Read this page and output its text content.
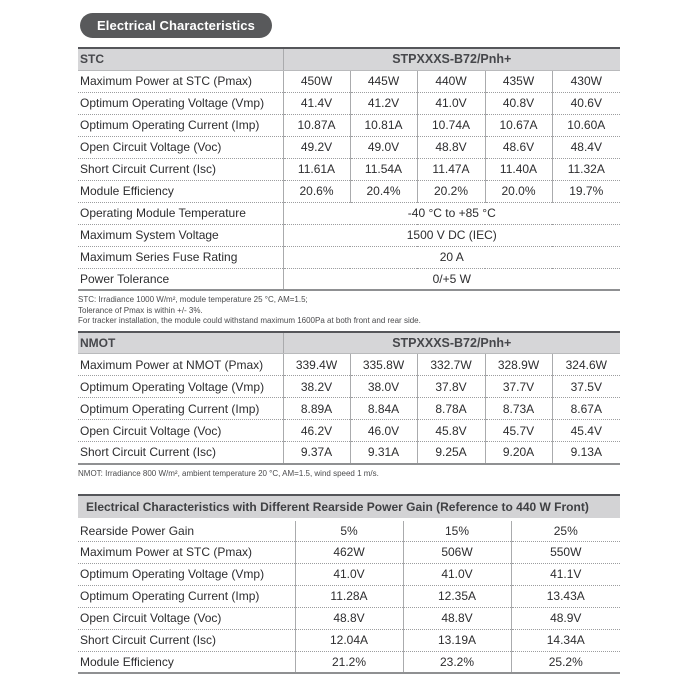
Electrical Characteristics
STC	STPXXXS-B72/Pnh+				
Maximum Power at STC (Pmax)	450W	445W	440W	435W	430W
Optimum Operating Voltage (Vmp)	41.4V	41.2V	41.0V	40.8V	40.6V
Optimum Operating Current (Imp)	10.87A	10.81A	10.74A	10.67A	10.60A
Open Circuit Voltage (Voc)	49.2V	49.0V	48.8V	48.6V	48.4V
Short Circuit Current (Isc)	11.61A	11.54A	11.47A	11.40A	11.32A
Module Efficiency	20.6%	20.4%	20.2%	20.0%	19.7%
Operating Module Temperature	-40 °C to +85 °C				
Maximum System Voltage	1500 V DC (IEC)				
Maximum Series Fuse Rating	20 A				
Power Tolerance	0/+5 W				
STC: Irradiance 1000 W/m², module temperature 25 °C, AM=1.5;
Tolerance of Pmax is within +/- 3%.
For tracker installation, the module could withstand maximum 1600Pa at both front and rear side.
NMOT	STPXXXS-B72/Pnh+				
Maximum Power at NMOT (Pmax)	339.4W	335.8W	332.7W	328.9W	324.6W
Optimum Operating Voltage (Vmp)	38.2V	38.0V	37.8V	37.7V	37.5V
Optimum Operating Current (Imp)	8.89A	8.84A	8.78A	8.73A	8.67A
Open Circuit Voltage (Voc)	46.2V	46.0V	45.8V	45.7V	45.4V
Short Circuit Current (Isc)	9.37A	9.31A	9.25A	9.20A	9.13A
NMOT: Irradiance 800 W/m², ambient temperature 20 °C, AM=1.5, wind speed 1 m/s.
Electrical Characteristics with Different Rearside Power Gain (Reference to 440 W Front)			
Rearside Power Gain	5%	15%	25%
Maximum Power at STC (Pmax)	462W	506W	550W
Optimum Operating Voltage (Vmp)	41.0V	41.0V	41.1V
Optimum Operating Current (Imp)	11.28A	12.35A	13.43A
Open Circuit Voltage (Voc)	48.8V	48.8V	48.9V
Short Circuit Current (Isc)	12.04A	13.19A	14.34A
Module Efficiency	21.2%	23.2%	25.2%
